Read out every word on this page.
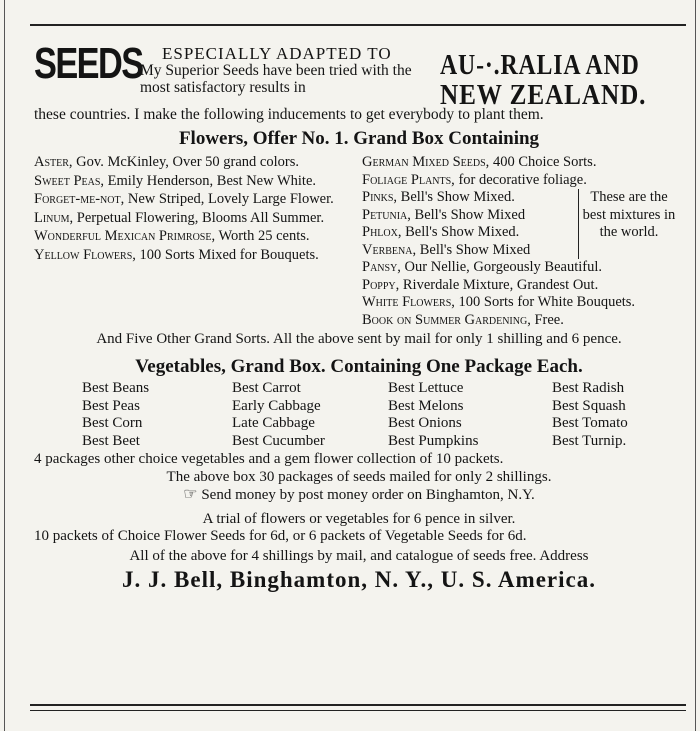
SEEDS ESPECIALLY ADAPTED TO
My Superior Seeds have been tried with the most satisfactory results in
AU-·.RALIA AND
NEW ZEALAND.
these countries. I make the following inducements to get everybody to plant them.
Flowers, Offer No. 1. Grand Box Containing
Aster, Gov. McKinley, Over 50 grand colors.
Sweet Peas, Emily Henderson, Best New White.
Forget-me-not, New Striped, Lovely Large Flower.
Linum, Perpetual Flowering, Blooms All Summer.
Wonderful Mexican Primrose, Worth 25 cents.
Yellow Flowers, 100 Sorts Mixed for Bouquets.
German Mixed Seeds, 400 Choice Sorts.
Foliage Plants, for decorative foliage.
Pinks, Bell's Show Mixed.
Petunia, Bell's Show Mixed
Phlox, Bell's Show Mixed.
Verbena, Bell's Show Mixed
These are the best mixtures in the world.
Pansy, Our Nellie, Gorgeously Beautiful.
Poppy, Riverdale Mixture, Grandest Out.
White Flowers, 100 Sorts for White Bouquets.
Book on Summer Gardening, Free.
And Five Other Grand Sorts. All the above sent by mail for only 1 shilling and 6 pence.
Vegetables, Grand Box. Containing One Package Each.
Best Beans	Best Carrot	Best Lettuce	Best Radish
Best Peas	Early Cabbage	Best Melons	Best Squash
Best Corn	Late Cabbage	Best Onions	Best Tomato
Best Beet	Best Cucumber	Best Pumpkins	Best Turnip.
4 packages other choice vegetables and a gem flower collection of 10 packets.
The above box 30 packages of seeds mailed for only 2 shillings.
☞ Send money by post money order on Binghamton, N.Y.
A trial of flowers or vegetables for 6 pence in silver.
10 packets of Choice Flower Seeds for 6d, or 6 packets of Vegetable Seeds for 6d.
All of the above for 4 shillings by mail, and catalogue of seeds free. Address
J. J. Bell, Binghamton, N. Y., U. S. America.
